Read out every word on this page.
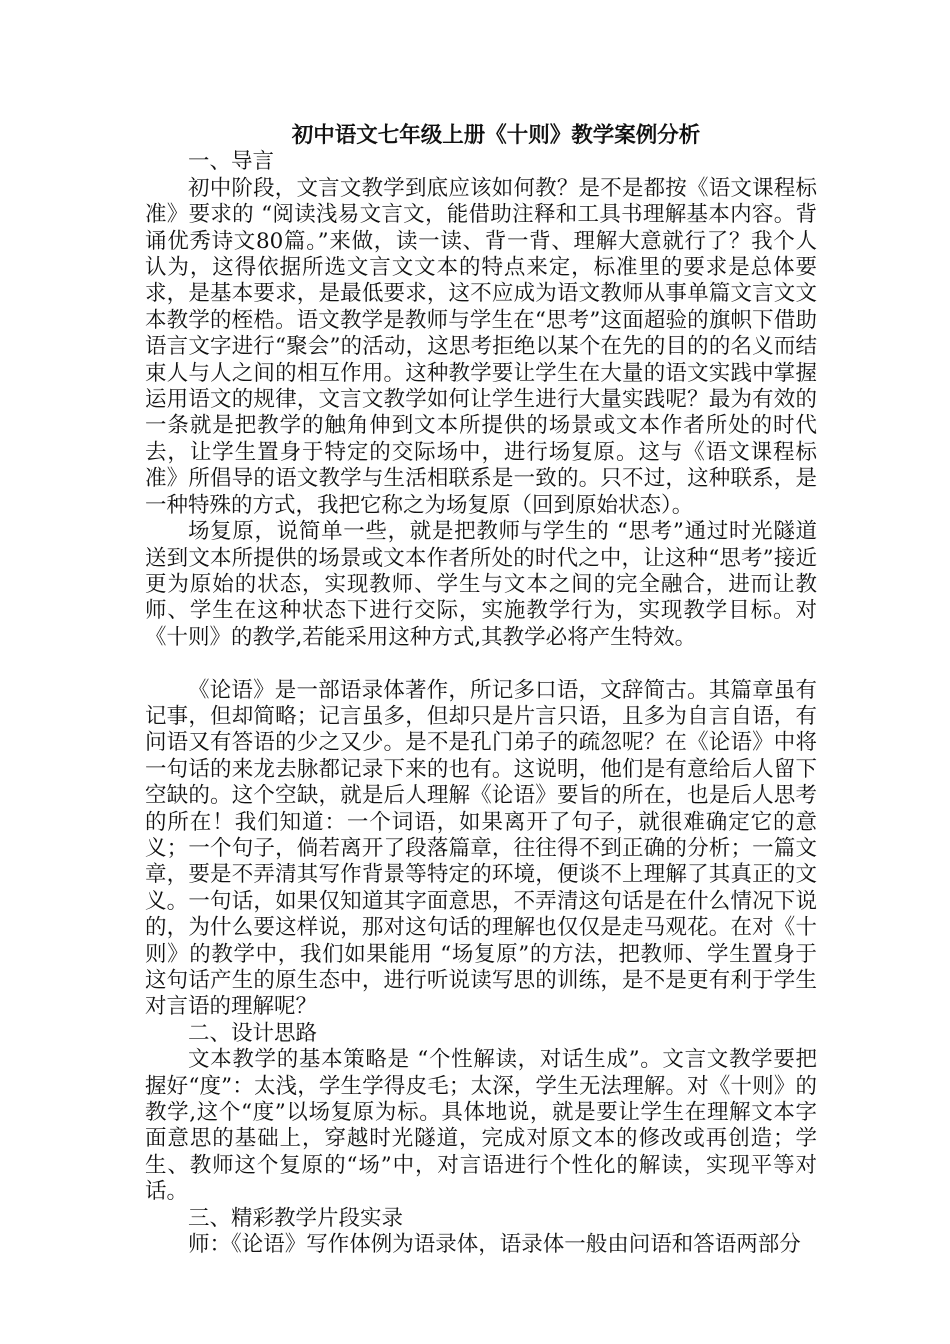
初中语文七年级上册《十则》教学案例分析

一、导言

初中阶段，文言文教学到底应该如何教？是不是都按《语文课程标准》要求的 “阅读浅易文言文，能借助注释和工具书理解基本内容。背诵优秀诗文80篇。”来做，读一读、背一背、理解大意就行了？我个人认为，这得依据所选文言文文本的特点来定，标准里的要求是总体要求，是基本要求，是最低要求，这不应成为语文教师从事单篇文言文文本教学的桎梏。语文教学是教师与学生在“思考”这面超验的旗帜下借助语言文字进行“聚会”的活动，这思考拒绝以某个在先的目的的名义而结束人与人之间的相互作用。这种教学要让学生在大量的语文实践中掌握运用语文的规律，文言文教学如何让学生进行大量实践呢？最为有效的一条就是把教学的触角伸到文本所提供的场景或文本作者所处的时代去，让学生置身于特定的交际场中，进行场复原。这与《语文课程标准》所倡导的语文教学与生活相联系是一致的。只不过，这种联系，是一种特殊的方式，我把它称之为场复原（回到原始状态）。

场复原，说简单一些，就是把教师与学生的 “思考”通过时光隧道送到文本所提供的场景或文本作者所处的时代之中，让这种“思考”接近更为原始的状态，实现教师、学生与文本之间的完全融合，进而让教师、学生在这种状态下进行交际，实施教学行为，实现教学目标。对《十则》的教学,若能采用这种方式,其教学必将产生特效。

《论语》是一部语录体著作，所记多口语，文辞简古。其篇章虽有记事，但却简略；记言虽多，但却只是片言只语，且多为自言自语，有问语又有答语的少之又少。是不是孔门弟子的疏忽呢？在《论语》中将一句话的来龙去脉都记录下来的也有。这说明，他们是有意给后人留下空缺的。这个空缺，就是后人理解《论语》要旨的所在，也是后人思考的所在！我们知道：一个词语，如果离开了句子，就很难确定它的意义；一个句子，倘若离开了段落篇章，往往得不到正确的分析；一篇文章，要是不弄清其写作背景等特定的环境，便谈不上理解了其真正的文义。一句话，如果仅知道其字面意思，不弄清这句话是在什么情况下说的，为什么要这样说，那对这句话的理解也仅仅是走马观花。在对《十则》的教学中，我们如果能用 “场复原”的方法，把教师、学生置身于这句话产生的原生态中，进行听说读写思的训练，是不是更有利于学生对言语的理解呢？

二、设计思路

文本教学的基本策略是 “个性解读，对话生成”。文言文教学要把握好“度”：太浅，学生学得皮毛；太深，学生无法理解。对《十则》的教学,这个“度”以场复原为标。具体地说，就是要让学生在理解文本字面意思的基础上，穿越时光隧道，完成对原文本的修改或再创造；学生、教师这个复原的“场”中，对言语进行个性化的解读，实现平等对话。

三、精彩教学片段实录

师：《论语》写作体例为语录体，语录体一般由问语和答语两部分
